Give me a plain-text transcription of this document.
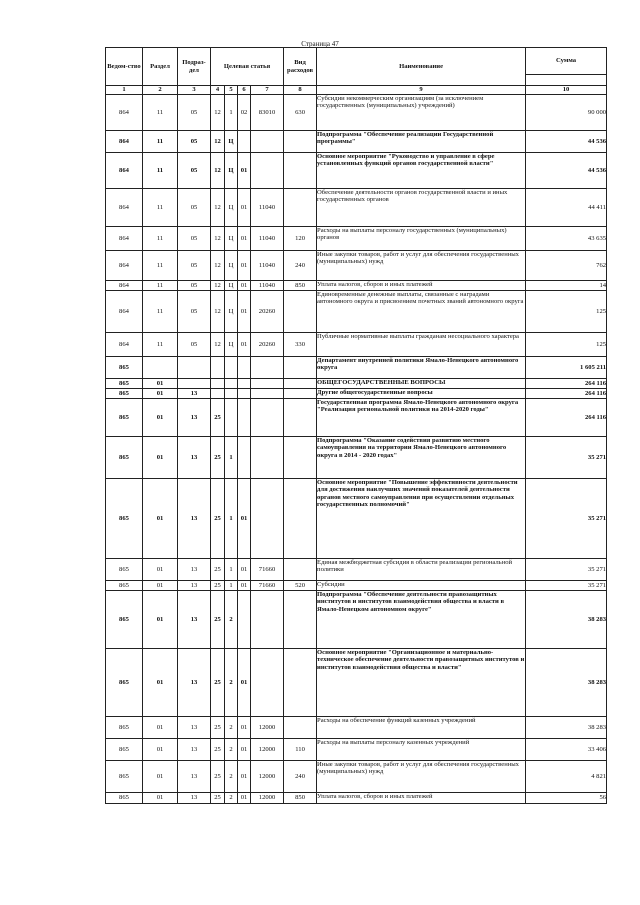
Страница 47
Ведом-ство	Раздел	Подраз-дел	Целевая статья				Вид расходов	Наименование	Сумма

1	2	3	4	5	6	7	8	9	10
864	11	05	12	1	02	83010	630	Субсидии некоммерческим организациям (за исключением государственных (муниципальных) учреждений)	90 000
864	11	05	12	Ц				Подпрограмма "Обеспечение реализации Государственной программы"	44 536
864	11	05	12	Ц	01			Основное мероприятие "Руководство и управление в сфере установленных функций органов государственной власти"	44 536
864	11	05	12	Ц	01	11040		Обеспечение деятельности органов государственной власти и иных государственных органов	44 411
864	11	05	12	Ц	01	11040	120	Расходы на выплаты персоналу государственных (муниципальных) органов	43 635
864	11	05	12	Ц	01	11040	240	Иные закупки товаров, работ и услуг для обеспечения государственных (муниципальных) нужд	762
864	11	05	12	Ц	01	11040	850	Уплата налогов, сборов и иных платежей	14
864	11	05	12	Ц	01	20260		Единовременные денежные выплаты, связанные с наградами автономного округа и присвоением почетных званий автономного округа	125
864	11	05	12	Ц	01	20260	330	Публичные нормативные выплаты гражданам несоциального характера	125
865								Департамент внутренней политики Ямало-Ненецкого автономного округа	1 605 211
865	01							ОБЩЕГОСУДАРСТВЕННЫЕ ВОПРОСЫ	264 116
865	01	13						Другие общегосударственные вопросы	264 116
865	01	13	25					Государственная программа Ямало-Ненецкого автономного округа "Реализация региональной политики на 2014-2020 годы"	264 116
865	01	13	25	1				Подпрограмма "Оказание содействия развитию местного самоуправления на территории Ямало-Ненецкого автономного округа в 2014 - 2020 годах"	35 271
865	01	13	25	1	01			Основное мероприятие "Повышение эффективности деятельности для достижения наилучших значений показателей деятельности органов местного самоуправления при осуществлении отдельных государственных полномочий"	35 271
865	01	13	25	1	01	71660		Единая межбюджетная субсидия в области реализации региональной политики	35 271
865	01	13	25	1	01	71660	520	Субсидии	35 271
865	01	13	25	2				Подпрограмма "Обеспечение деятельности правозащитных институтов и институтов взаимодействия общества и власти в Ямало-Ненецком автономном округе"	38 283
865	01	13	25	2	01			Основное мероприятие "Организационное и материально-техническое обеспечение деятельности правозащитных институтов и институтов взаимодействия общества и власти"	38 283
865	01	13	25	2	01	12000		Расходы на обеспечение функций казенных учреждений	38 283
865	01	13	25	2	01	12000	110	Расходы на выплаты персоналу казенных учреждений	33 406
865	01	13	25	2	01	12000	240	Иные закупки товаров, работ и услуг для обеспечения государственных (муниципальных) нужд	4 821
865	01	13	25	2	01	12000	850	Уплата налогов, сборов и иных платежей	56
